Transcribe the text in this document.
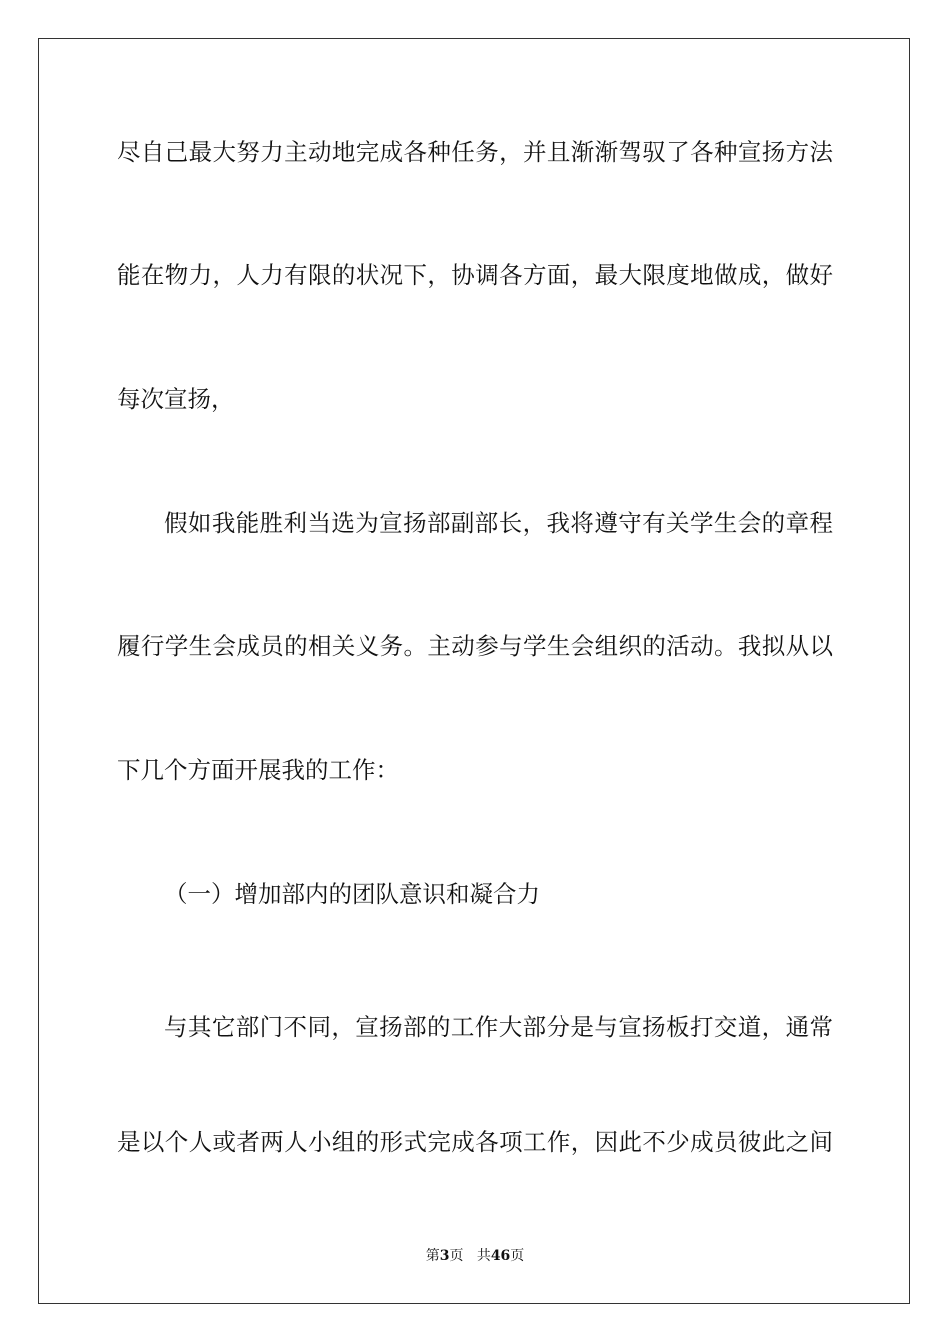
尽自己最大努力主动地完成各种任务，并且渐渐驾驭了各种宣扬方法
能在物力，人力有限的状况下，协调各方面，最大限度地做成，做好
每次宣扬，
假如我能胜利当选为宣扬部副部长，我将遵守有关学生会的章程
履行学生会成员的相关义务。主动参与学生会组织的活动。我拟从以
下几个方面开展我的工作：
（一）增加部内的团队意识和凝合力
与其它部门不同，宣扬部的工作大部分是与宣扬板打交道，通常
是以个人或者两人小组的形式完成各项工作，因此不少成员彼此之间
第3页 共46页
